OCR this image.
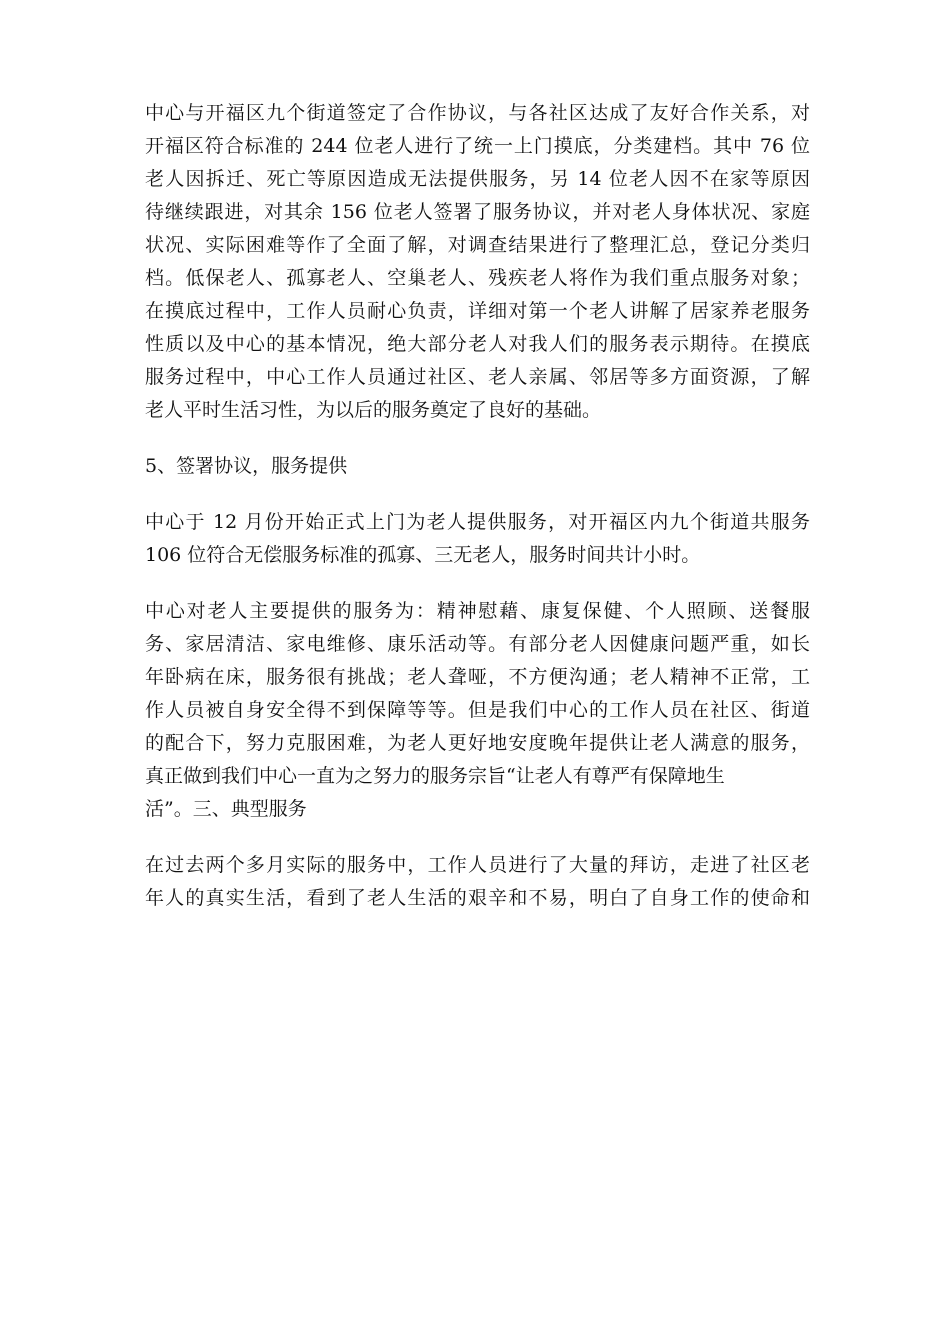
中心与开福区九个街道签定了合作协议，与各社区达成了友好合作关系，对
开福区符合标准的 244 位老人进行了统一上门摸底，分类建档。其中 76 位
老人因拆迁、死亡等原因造成无法提供服务，另 14 位老人因不在家等原因
待继续跟进，对其余 156 位老人签署了服务协议，并对老人身体状况、家庭
状况、实际困难等作了全面了解，对调查结果进行了整理汇总，登记分类归
档。低保老人、孤寡老人、空巢老人、残疾老人将作为我们重点服务对象；
在摸底过程中，工作人员耐心负责，详细对第一个老人讲解了居家养老服务
性质以及中心的基本情况，绝大部分老人对我人们的服务表示期待。在摸底
服务过程中，中心工作人员通过社区、老人亲属、邻居等多方面资源，了解
老人平时生活习性，为以后的服务奠定了良好的基础。
5、签署协议，服务提供
中心于 12 月份开始正式上门为老人提供服务，对开福区内九个街道共服务
106 位符合无偿服务标准的孤寡、三无老人，服务时间共计小时。
中心对老人主要提供的服务为：精神慰藉、康复保健、个人照顾、送餐服
务、家居清洁、家电维修、康乐活动等。有部分老人因健康问题严重，如长
年卧病在床，服务很有挑战；老人聋哑，不方便沟通；老人精神不正常，工
作人员被自身安全得不到保障等等。但是我们中心的工作人员在社区、街道
的配合下，努力克服困难，为老人更好地安度晚年提供让老人满意的服务，
真正做到我们中心一直为之努力的服务宗旨“让老人有尊严有保障地生
活”。三、典型服务
在过去两个多月实际的服务中，工作人员进行了大量的拜访，走进了社区老
年人的真实生活，看到了老人生活的艰辛和不易，明白了自身工作的使命和
